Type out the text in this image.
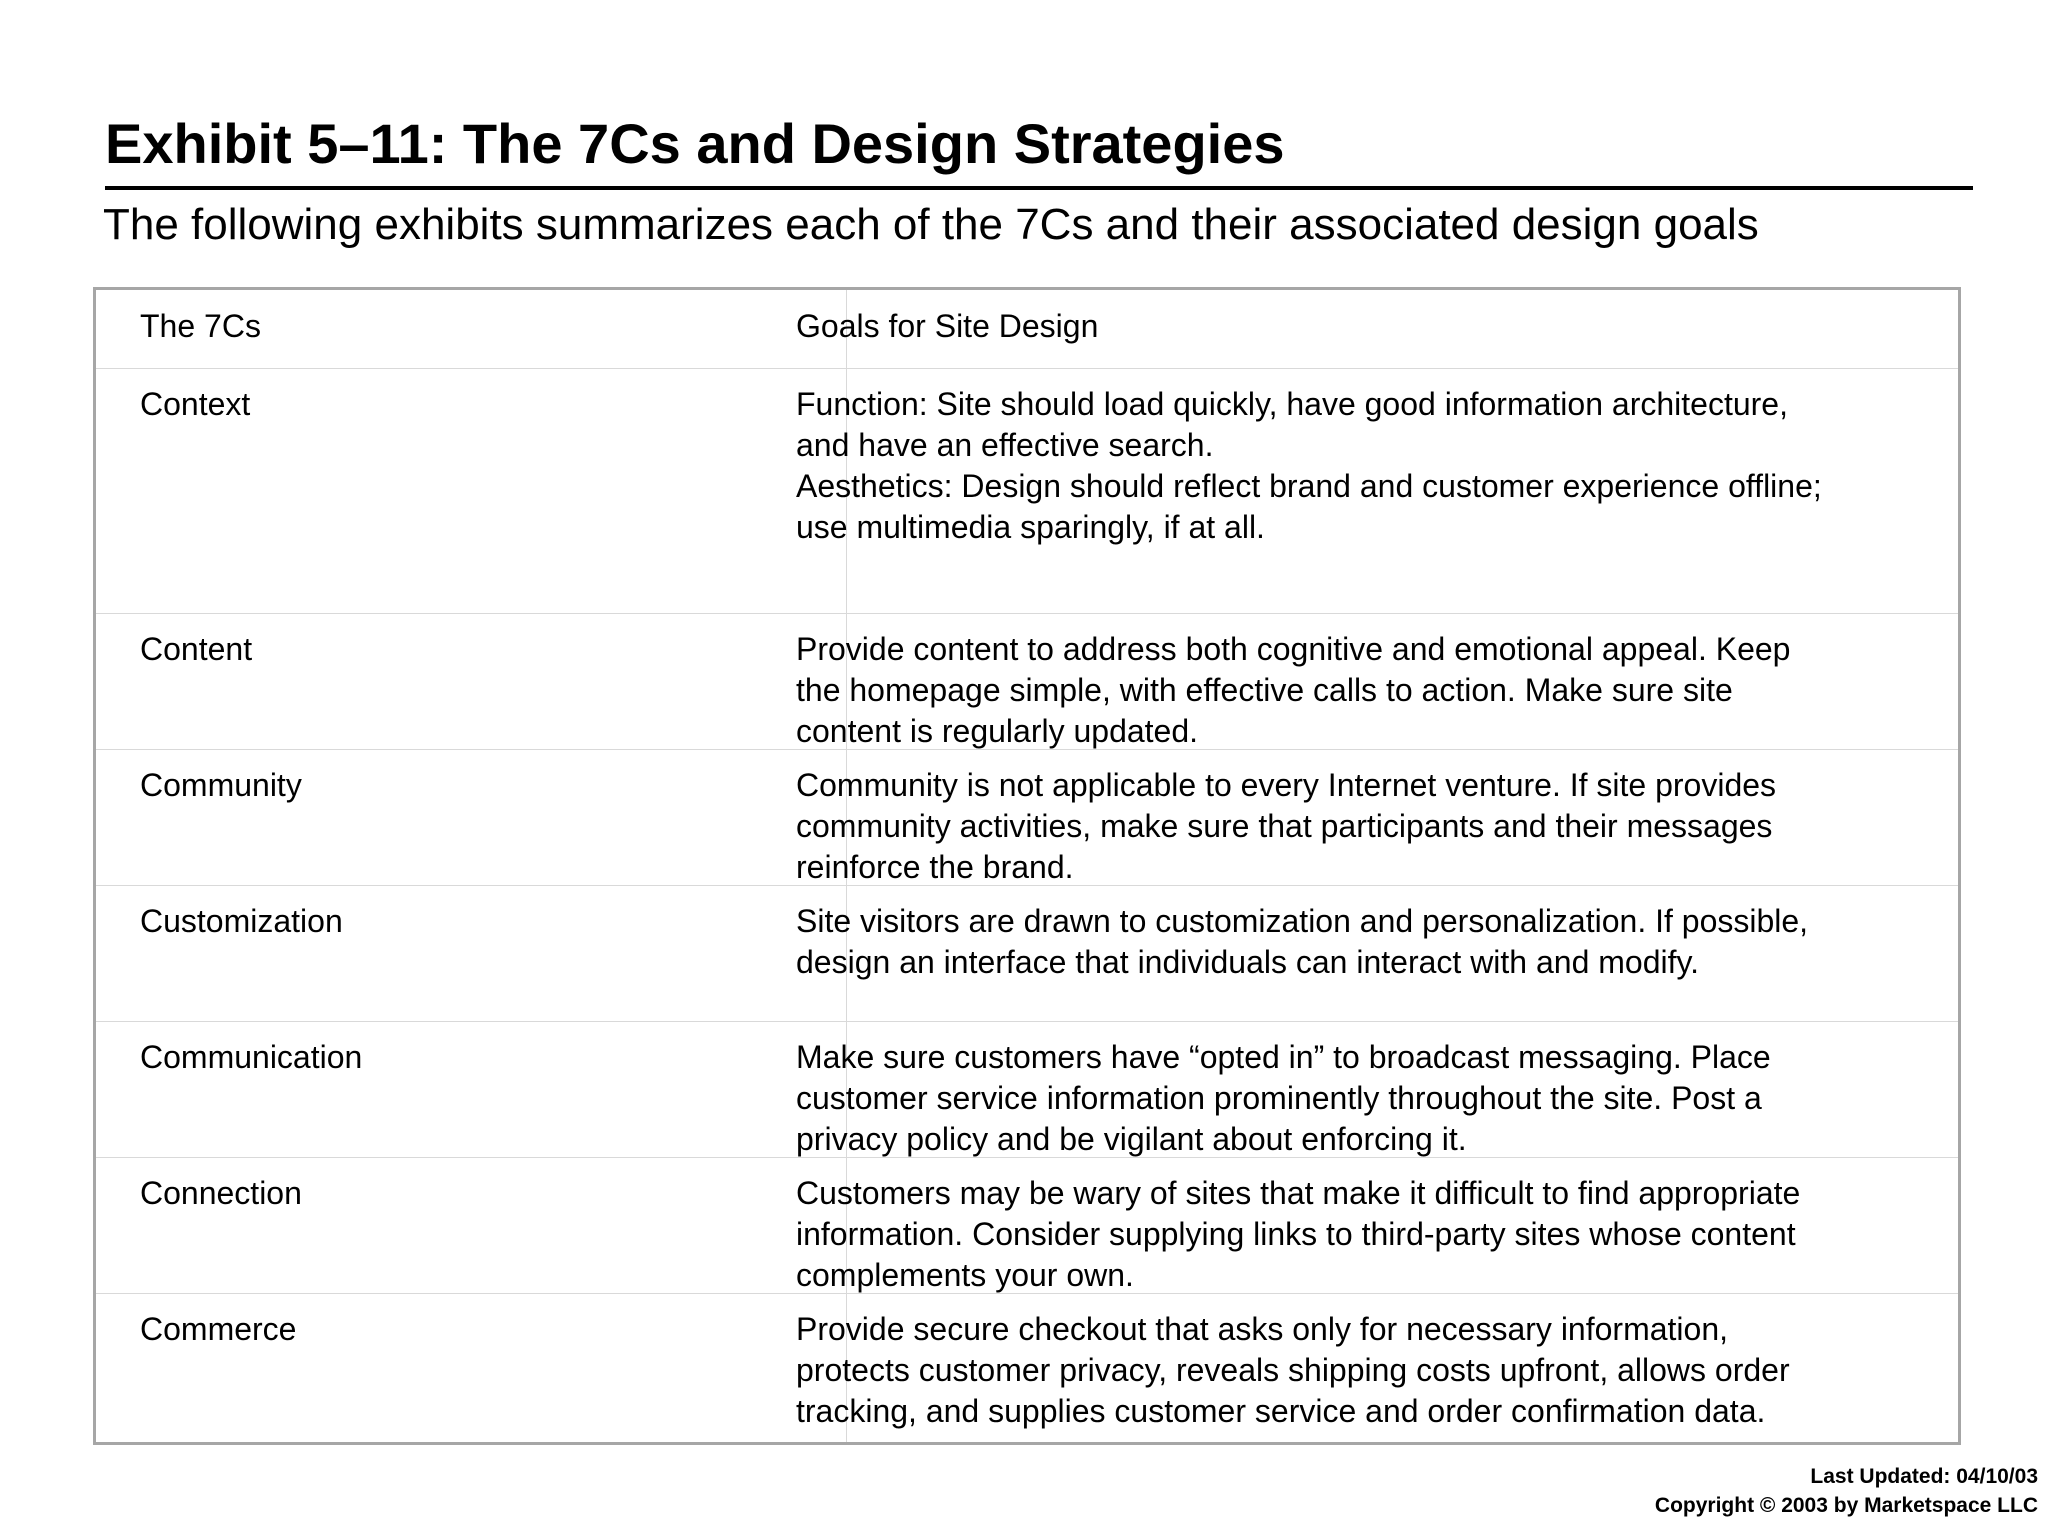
Exhibit 5–11: The 7Cs and Design Strategies
The following exhibits summarizes each of the 7Cs and their associated design goals
The 7Cs	Goals for Site Design
Context	Function: Site should load quickly, have good information architecture,
and have an effective search.
Aesthetics: Design should reflect brand and customer experience offline;
use multimedia sparingly, if at all.
Content	Provide content to address both cognitive and emotional appeal. Keep
the homepage simple, with effective calls to action. Make sure site
content is regularly updated.
Community	Community is not applicable to every Internet venture. If site provides
community activities, make sure that participants and their messages
reinforce the brand.
Customization	Site visitors are drawn to customization and personalization. If possible,
design an interface that individuals can interact with and modify.
Communication	Make sure customers have “opted in” to broadcast messaging. Place
customer service information prominently throughout the site. Post a
privacy policy and be vigilant about enforcing it.
Connection	Customers may be wary of sites that make it difficult to find appropriate
information. Consider supplying links to third-party sites whose content
complements your own.
Commerce	Provide secure checkout that asks only for necessary information,
protects customer privacy, reveals shipping costs upfront, allows order
tracking, and supplies customer service and order confirmation data.
Last Updated: 04/10/03
Copyright © 2003 by Marketspace LLC
